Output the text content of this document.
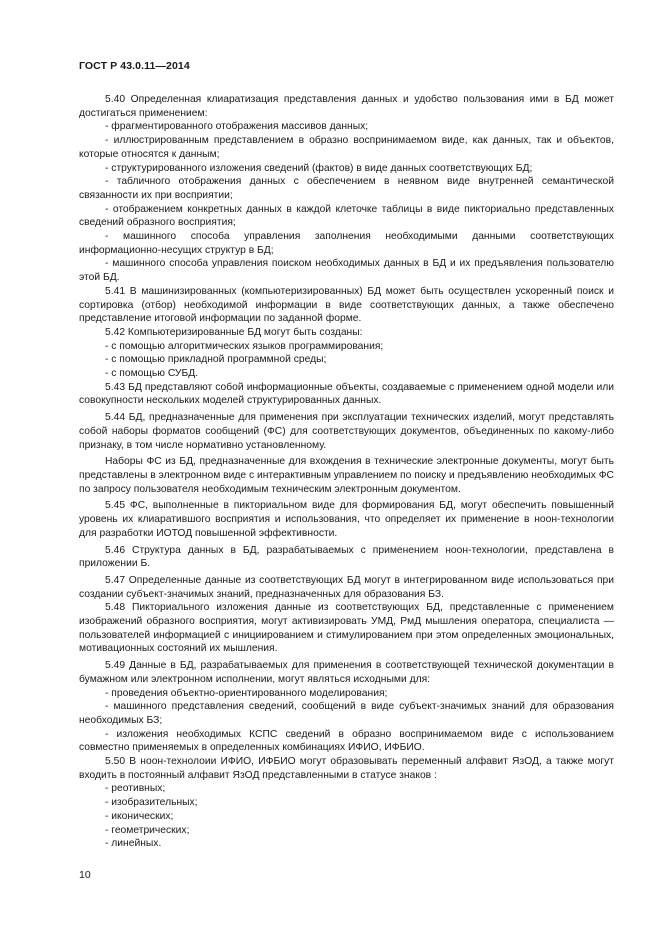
ГОСТ Р 43.0.11—2014

5.40 Определенная клиаратизация представления данных и удобство пользования ими в БД может достигаться применением:

- фрагментированного отображения массивов данных;

- иллюстрированным представлением в образно воспринимаемом виде, как данных, так и объектов, которые относятся к данным;

- структурированного изложения сведений (фактов) в виде данных соответствующих БД;

- табличного отображения данных с обеспечением в неявном виде внутренней семантической связанности их при восприятии;

- отображением конкретных данных в каждой клеточке таблицы в виде пикториально представленных сведений образного восприятия;

- машинного способа управления заполнения необходимыми данными соответствующих информационно-несущих структур в БД;

- машинного способа управления поиском необходимых данных в БД и их предъявления пользователю этой БД.

5.41 В машинизированных (компьютеризированных) БД может быть осуществлен ускоренный поиск и сортировка (отбор) необходимой информации в виде соответствующих данных, а также обеспечено представление итоговой информации по заданной форме.

5.42 Компьютеризированные БД могут быть созданы:

- с помощью алгоритмических языков программирования;

- с помощью прикладной программной среды;

- с помощью СУБД.

5.43 БД представляют собой информационные объекты, создаваемые с применением одной модели или совокупности нескольких моделей структурированных данных.

5.44 БД, предназначенные для применения при эксплуатации технических изделий, могут представлять собой наборы форматов сообщений (ФС) для соответствующих документов, объединенных по какому-либо признаку, в том числе нормативно установленному.

Наборы ФС из БД, предназначенные для вхождения в технические электронные документы, могут быть представлены в электронном виде с интерактивным управлением по поиску и предъявлению необходимых ФС по запросу пользователя необходимым техническим электронным документом.

5.45 ФС, выполненные в пикториальном виде для формирования БД, могут обеспечить повышенный уровень их клиаратившого восприятия и использования, что определяет их применение в ноон-технологии для разработки ИОТОД повышенной эффективности.

5.46 Структура данных в БД, разрабатываемых с применением ноон-технологии, представлена в приложении Б.

5.47 Определенные данные из соответствующих БД могут в интегрированном виде использоваться при создании субъект-значимых знаний, предназначенных для образования БЗ.

5.48 Пикториального изложения данные из соответствующих БД, представленные с применением изображений образного восприятия, могут активизировать УМД, РмД мышления оператора, специалиста — пользователей информацией с инициированием и стимулированием при этом определенных эмоциональных, мотивационных состояний их мышления.

5.49 Данные в БД, разрабатываемых для применения в соответствующей технической документации в бумажном или электронном исполнении, могут являться исходными для:

- проведения объектно-ориентированного моделирования;

- машинного представления сведений, сообщений в виде субъект-значимых знаний для образования необходимых БЗ;

- изложения необходимых КСПС сведений в образно воспринимаемом виде с использованием совместно применяемых в определенных комбинациях ИФИО, ИФБИО.

5.50 В ноон-технолоии ИФИО, ИФБИО могут образовывать переменный алфавит ЯзОД, а также могут входить в постоянный алфавит ЯзОД представленными в статусе знаков :

- реотивных;

- изобразительных;

- иконических;

- геометрических;

- линейных.

10
